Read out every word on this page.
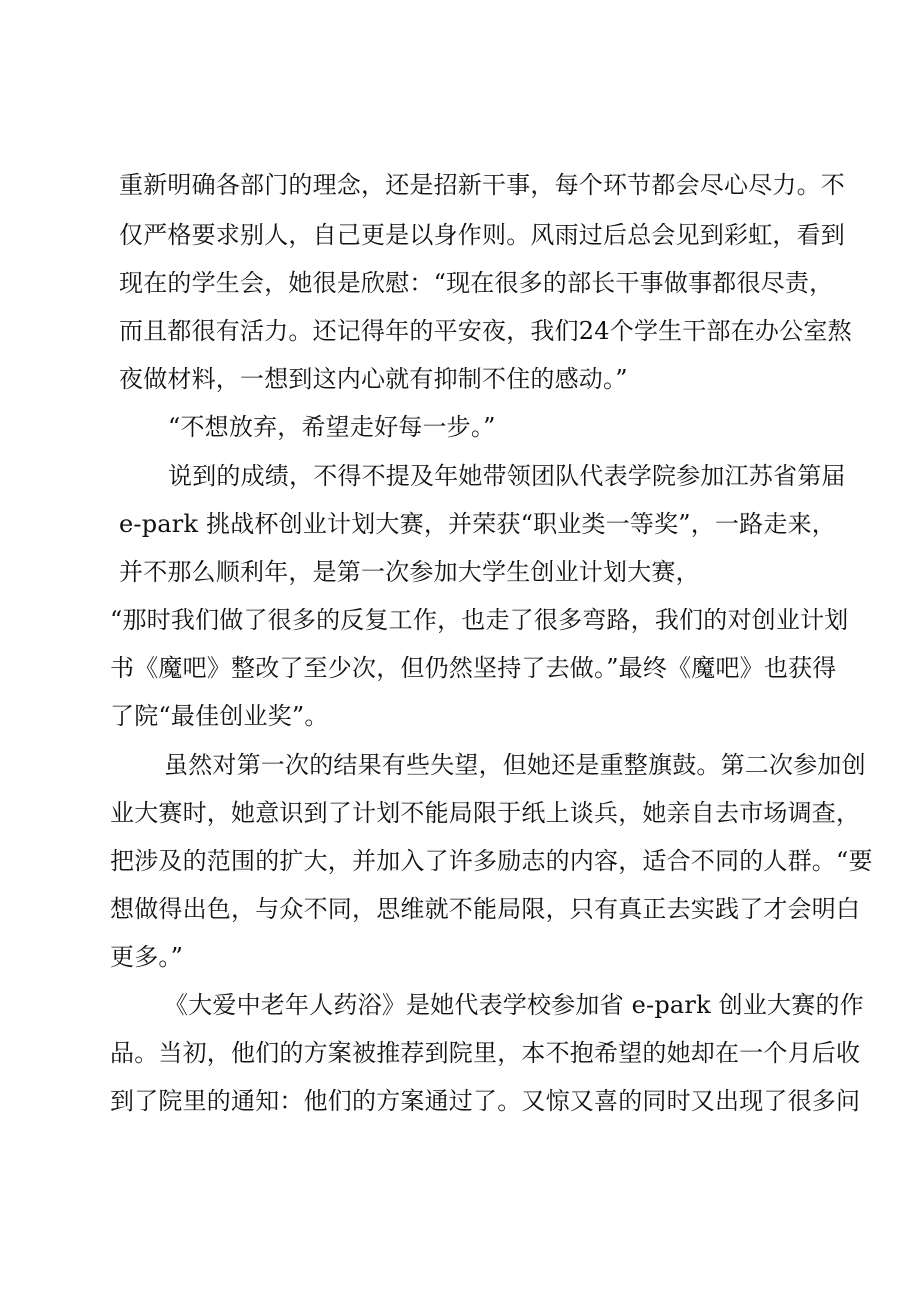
重新明确各部门的理念，还是招新干事，每个环节都会尽心尽力。不
仅严格要求别人，自己更是以身作则。风雨过后总会见到彩虹，看到
现在的学生会，她很是欣慰：“现在很多的部长干事做事都很尽责，
而且都很有活力。还记得年的平安夜，我们24个学生干部在办公室熬
夜做材料，一想到这内心就有抑制不住的感动。”
“不想放弃，希望走好每一步。”
说到的成绩，不得不提及年她带领团队代表学院参加江苏省第届
e-park 挑战杯创业计划大赛，并荣获“职业类一等奖”，一路走来，
并不那么顺利年，是第一次参加大学生创业计划大赛，
“那时我们做了很多的反复工作，也走了很多弯路，我们的对创业计划
书《魔吧》整改了至少次，但仍然坚持了去做。”最终《魔吧》也获得
了院“最佳创业奖”。
虽然对第一次的结果有些失望，但她还是重整旗鼓。第二次参加创
业大赛时，她意识到了计划不能局限于纸上谈兵，她亲自去市场调查，
把涉及的范围的扩大，并加入了许多励志的内容，适合不同的人群。“要
想做得出色，与众不同，思维就不能局限，只有真正去实践了才会明白
更多。”
《大爱中老年人药浴》是她代表学校参加省 e-park 创业大赛的作
品。当初，他们的方案被推荐到院里，本不抱希望的她却在一个月后收
到了院里的通知：他们的方案通过了。又惊又喜的同时又出现了很多问
